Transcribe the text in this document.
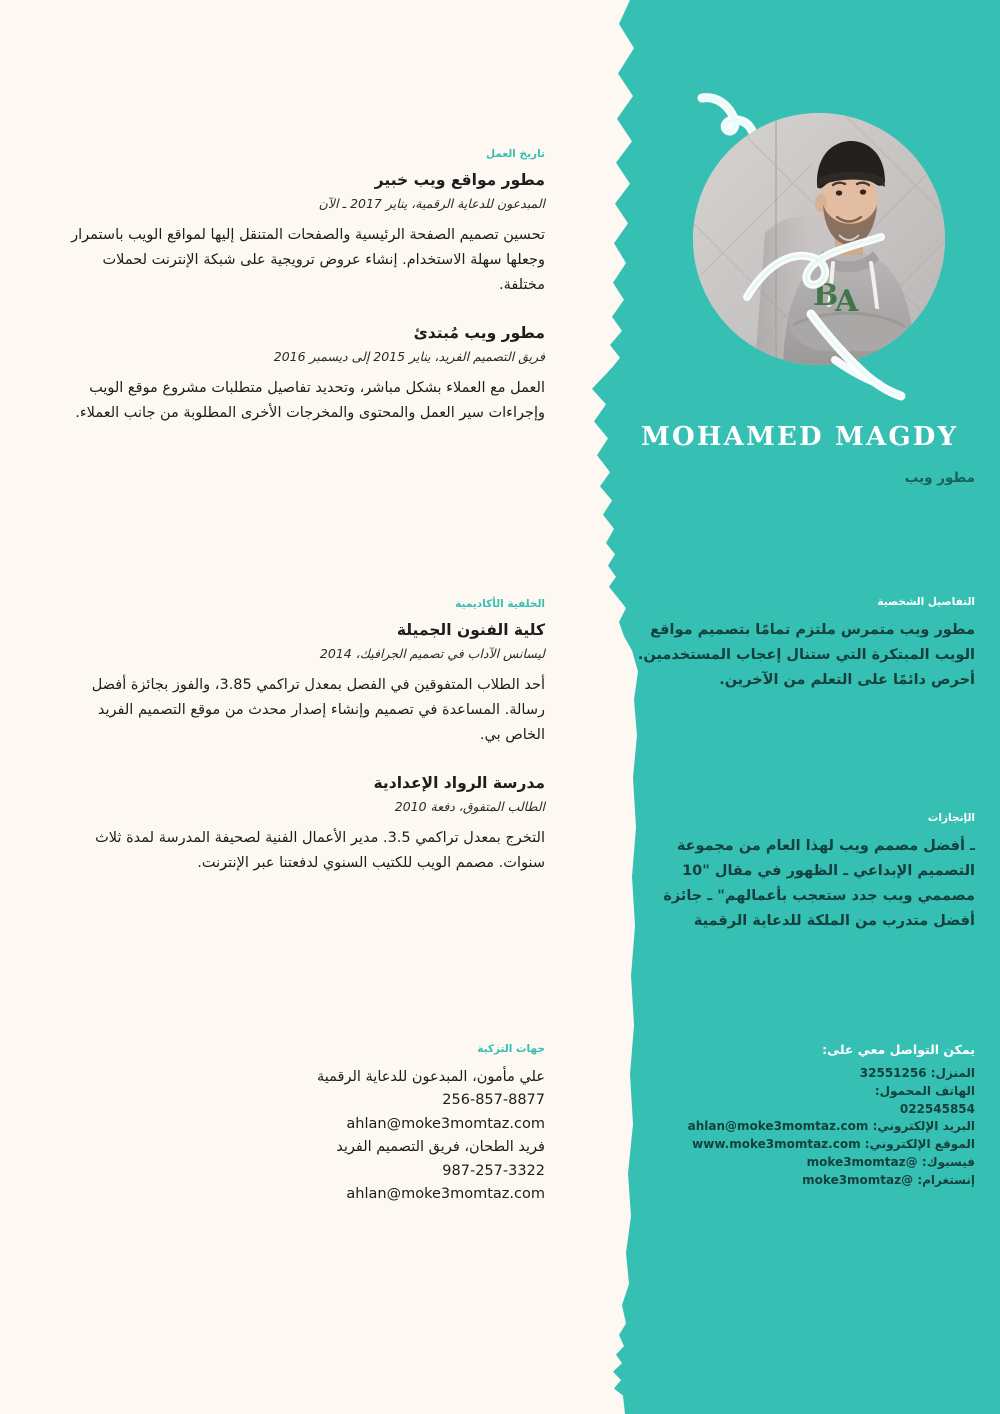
تاريخ العمل
مطور مواقع ويب خبير
المبدعون للدعاية الرقمية، يناير 2017 ـ الآن
تحسين تصميم الصفحة الرئيسية والصفحات المتنقل إليها لمواقع الويب باستمرار وجعلها سهلة الاستخدام. إنشاء عروض ترويجية على شبكة الإنترنت لحملات مختلفة.
مطور ويب مُبتدئ
فريق التصميم الفريد، يناير 2015 إلى ديسمبر 2016
العمل مع العملاء بشكل مباشر، وتحديد تفاصيل متطلبات مشروع موقع الويب وإجراءات سير العمل والمحتوى والمخرجات الأخرى المطلوبة من جانب العملاء.
الخلفية الأكاديمية
كلية الفنون الجميلة
ليسانس الآداب في تصميم الجرافيك، 2014
أحد الطلاب المتفوقين في الفصل بمعدل تراكمي 3.85، والفوز بجائزة أفضل رسالة. المساعدة في تصميم وإنشاء إصدار محدث من موقع التصميم الفريد الخاص بي.
مدرسة الرواد الإعدادية
الطالب المتفوق، دفعة 2010
التخرج بمعدل تراكمي 3.5. مدير الأعمال الفنية لصحيفة المدرسة لمدة ثلاث سنوات. مصمم الويب للكتيب السنوي لدفعتنا عبر الإنترنت.
جهات التزكية
علي مأمون، المبدعون للدعاية الرقمية
256-857-8877
ahlan@moke3momtaz.com
فريد الطحان، فريق التصميم الفريد
987-257-3322
ahlan@moke3momtaz.com
B
A
MOHAMED MAGDY
مطور ويب
التفاصيل الشخصية
مطور ويب متمرس ملتزم تمامًا بتصميم مواقع الويب المبتكرة التي ستنال إعجاب المستخدمين. أحرص دائمًا على التعلم من الآخرين.
الإنجازات
ـ أفضل مصمم ويب لهذا العام من مجموعة التصميم الإبداعي ـ الظهور في مقال "10 مصممي ويب جدد ستعجب بأعمالهم" ـ جائزة أفضل متدرب من الملكة للدعاية الرقمية
يمكن التواصل معي على:
المنزل: 32551256
الهاتف المحمول:
022545854
البريد الإلكتروني: ahlan@moke3momtaz.com
الموقع الإلكتروني: www.moke3momtaz.com
فيسبوك: moke3momtaz@
إنستغرام: moke3momtaz@
